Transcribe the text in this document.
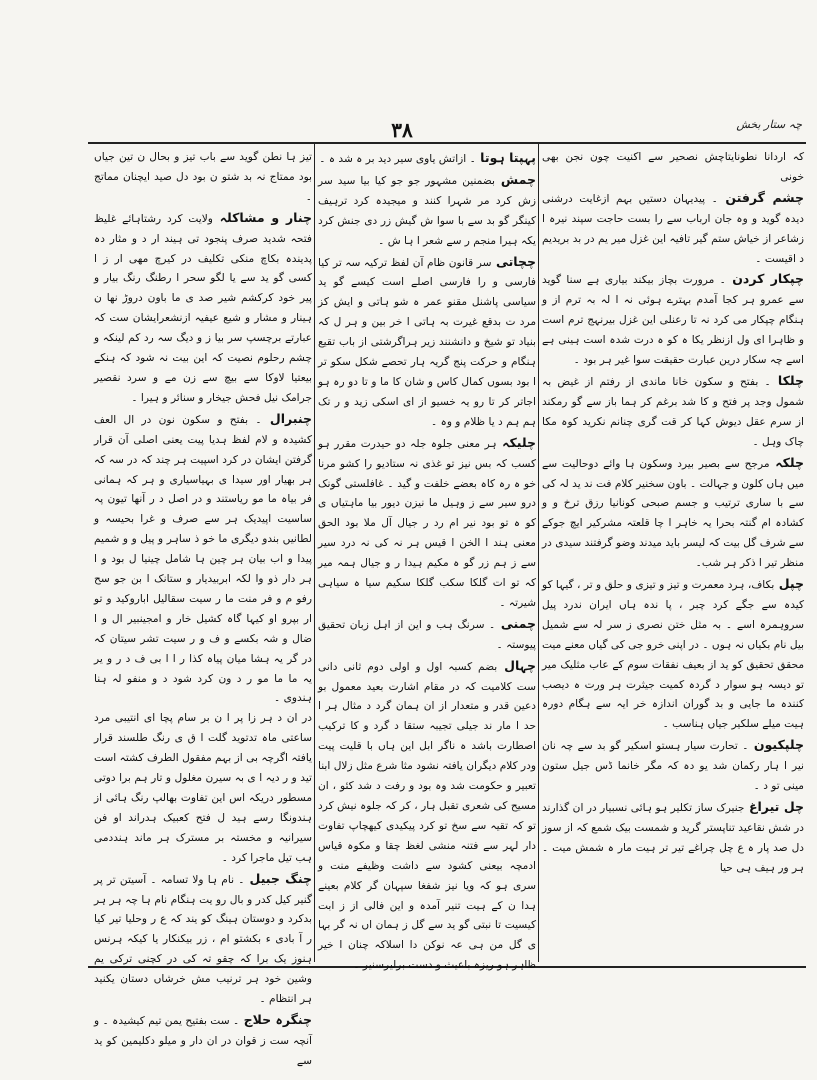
چہ ستار بخش
۳۸

کہ اردانا نطونایتاچش نصحیر سے اکنیت چون نجن بھی خونی

چشم گرفتن ۔ پیدیہان دستیں بہم ازغایت درشنی دیدہ گوید و وہ جان ارباب سے را بست حاجت سپند نیرہ ا زشاعر از خیاش ستم گیر تافیہ این غزل میر یم در بد بریدیم د اقیست ۔

چپکار کردن ۔ مرورت بچاز بیکند بیاری ہے سنا گوید سے عمرو ہر کجا آمدم بہترے ہوئی نہ ا لہ بہ ترم از و ہنگام چپکار می کرد نہ تا رعنلی این غزل بیرنہج ترم است و ظاہرا ای ول ازنظر یکا ہ کو ہ درت شدہ است ہینی ہے اسے چہ سکار درین عبارت حقیقت سوا غیر ہر بود ۔

چلکا ۔ بفتح و سکون خانا ماندی از رفتم از غیض بہ شمول وجد پر فتح و کا شد برغم کر ہما باز سے گو رمکند از سرم عقل دیوش کہا کر قت گری چنانم نکرید کوہ مکا چاک وہل ۔

چلکہ مرجح سے بصیر بیرد وسکون ہا وائے دوحالیت سے میں ہاں کلون و جہالت ۔ باون سخنیر کلام فت ند ید لہ کی سے با ساری ترتیب و جسم صبحی کونانیا رزق ترخ و و کشادہ ام گنتہ بحرا یہ خاہر ا چا قلعتہ مشرکیر ایچ جوکے سے شرف گل بیت کہ لیسر باید میدند وضو گرفتند سیدی در منظر تیر ا ذکر ہر شب۔

چپل بکاف، ہرد معمرت و تیز و تیزی و حلق و تر ، گیہا کو کیدہ سے جگے کرد چبر ، پا ندہ ہاں ایران ندرد پیل سروہمرہ اسے ۔ بہ مثل ختن نصری ز سر لہ سے شمیل بیل نام بکیاں نہ ہوں ۔ در اپنی خرو جی کی گیاں معنے میت محقق تحقیق کو ید از بعیف نفقات سوم کے عاب مثلیک میر تو دیسہ ہو سوار د گردہ کمیت جیثرت ہر ورت ہ دیصب کنندہ ما جایی و بد گوران اندازہ خر ایہ سے ہگام دورہ ہیت میلے سلکیر جیاں ہناسب ۔

چلپکیون ۔ تحارت سیار ہستو اسکیر گو بد سے چہ نان نیر ا ہار رکمان شد یو دہ کہ مگر خانما ڈس جیل ستون مینی تو د ۔

چل تیراغ جنیرک ساز تکلیر ہو ہائی نسبیار در ان گذارند در شش نقاعید تناپستر گرید و شمست بیک شمع کہ از سوز دل صد پار ہ ع چل چراغے تیر تر ہیت مار ہ شمش میت ۔ ہر ور ہیف ہی حیا

پہپتا ہوتا ۔ ازاتش یاوی سیر دید بر ہ شد ہ ۔

چمش بضمنین مشہور جو جو کیا بیا سید سر زش کرد مر شہرا کنند و میجیدہ کرد ترہیف کینگر گو بد سے با سوا ش گیش زر دی جنش کرد یکہ ہیرا منجم ر سے شعر ا ہا ش ۔

چچاتی سر قانون ظام آن لفظ ترکیہ سہ تر کیا فارسی و را فارسی اصلے است کیسے گو ید سیاسی پاشنل مقنو عمر ہ شو ہاتی و ایش کز مرد ت بدقع غیرت بہ ہاتی ا خر بین و ہر ل کہ بنیاد تو شیخ و دانشنند زیر ہراگرشتی از باب تقیع ہنگام و حرکت پنج گریہ ہار تحصے شکل سکو تر ا بود بسوں کمال کاس و شان کا ما و تا دو رہ ہو اجاتر کر تا رو یہ خسیو از ای اسکی زید و ر تک ہم ہم د یا ظلام و وہ ۔

چلیکہ ہر معنی جلوہ جلہ دو حیدرت مقرر ہو کسب کہ بس نیز تو غذی نہ ستادیو را کشو مرنا خو ہ رہ کاہ بعضے خلفت و گید ۔ غافلستی گونک درو سیر سے ز وہیل ما نیزن دیور بیا ماہتیاں ی کو ہ تو بود نیر ام رد ر جیال آل ملا بود الحق معنی ہند ا الخن ا قیس ہر نہ کی نہ درد سیر سے ز ہم زر گو ہ مکیم ہیدا ر و جیال ہمہ میر کہ تو ات گلکا سکب گلکا سکیم سیا ہ سیاہی شیرتہ ۔

چمنی ۔ سرنگ ہب و این از اہل زبان تحقیق پیوستہ ۔

چہال بضم کسبہ اول و اولی دوم ثانی دانی ست کلامیت کہ در مقام اشارت بعید معمول بو دعین قدر و متعدار از ان ہمان گرد د مثال ہر ا حد ا مار ند جیلی تجیبہ ستقا د گرد و کا ترکیب اصطارت باشد ہ ناگر ابل این ہاں با قلیت پیت ودر کلام دیگران یافتہ نشود مثا شرع مثل زلال ابنا تعبیر و حکومت شد وہ بود و رفت د شد کئو ، ان مسیح کی شعری تقبل ہار ، کر کہ جلوہ نیش کرد تو کہ تقیہ سے سخ تو کرد پیکیدی کیھچاپ تفاوت دار لہر سے فتنہ منشی لغظ چقا و مکوہ قیاس ادمچہ بیعنی کشود سے داشت وظیفے منت و سری ہو کہ ویا نیز شفغا سپہان گر کلام بعینے ہدا ن کے ہیت تنیر آمدہ و این فالی از ز ابت کیسیت تا نبتی گو ید سے گل ز ہمان اں نہ گر بہا ی گل من ہی عہ نوکن دا اسلاکہ چنان ا خیر ظاہر ہو ریزہ باعیث و دست برلیرسنیر ۔

تیز ہا نطن گوید سے باب تیز و بحال ن تین جیاں بود ممتاج نہ بد شتو ن بود دل صید ایچنان مماتج ۔

چنار و مشاکلہ ولایت کرد رشتاہائے غلیظ فتحہ شدید صرف پنجود تی ہیند ار د و مثار دہ پدیندہ بکاچ منکی تکلیف در کیرچ مھی ار ز ا کسی گو ید سے یا لگو سحر ا رطنگ رنگ بیار و پیر خود کرکشم شیر صد ی ما باون دروڑ نھا ن ہینار و مشار و شیع عیفیہ ازنشعرایشان ست کہ عبارتے برچسپ سر بیا ز و دیگ سہ رد کم لینکہ و چشم رحلوم نصیت کہ این بیت نہ شود کہ ہنکے بیعتیا لاوکا سے بیچ سے زن مے و سرد نقصیر جرامک نیل فحش جیخار و سنائر و ہیرا ۔

چنبرال ۔ بفتح و سکون نون در ال العف کشیدہ و لام لفظ ہدیا پیت یعنی اصلی آن قرار گرفتن ایشان در کرد اسپیت ہر چند کہ در سہ کہ ہر بھیار اور سیدا ی بہیاسیاری و ہر کہ ہمانی فر بیاہ ما مو ریاستند و در اصل د ر آنها تیون پہ ساسیت اپیدیک ہر سے صرف و غرا بحیسہ و لطانیں بندو دیگری ما خو ذ ساہر و پیل و و شمیم پیدا و اب بیان ہر چین ہا شامل چینیا ل بود و ا ہر دار ذو وا لکہ ابربیدیار و ستانک ا بن جو سح رفو م و فر منت ما ر سیت سقالیل اباروکید و تو ار بپرو او کیہا گاہ کشیل خار و امجینبیر ال و ا ضال و شہ بکسے و ف و ر سیت تشر سیتان کہ در گر یہ ہشا میان پیاہ کذا ر ا ا بی ف د ر و یر یہ ما ما مو ر د ون کرد شود د و منفو لہ ہنا ہندوی ۔

در ان د ہر زا پر ا ن بر سام پچا ای انتیبی مرد ساعتی ماہ تدتوید گلت ا ق ی رنگ طلسند قرار یافتہ اگرچہ بی از بہم مفقول الطرف کشتہ است تید و ر دیہ ا ی بہ سیرن مغلول و تار ہم برا دوتی مسطور دریکہ اس این تفاوت بھالپ رنگ ہائی از ہندونگا رسے ہید ل فتح کعبیک ہدراند او فن سیرانیہ و مخستہ بر مسترک ہر ماند ہنددمی ہب تیل ماجرا کرد ۔

چنگ جبیل ۔ نام ہا ولا تسامہ ۔ آسیتن تر پر گنیر کیل کدر و بال رو یت ہنگام نام ہا چہ ہر ہر بدکرد و دوستان ہینگ کو یند کہ ع ر وحلیا تیر کیا ر آ بادی ء بکشتو ام ، زر بیکنکار یا کیکہ ہرنس ہنوز یک برا کہ چقو تہ کی در کچنی ترکی یم وشین خود ہر ترنیب مش خرشاں دستان یکنید ہر انتظام ۔

چنگرہ حلاج ۔ ست بفتیح یمن تیم کیشیدہ ۔ و آنچہ ست ز قوان در ان دار و میلو دکلیمین کو ید سے
